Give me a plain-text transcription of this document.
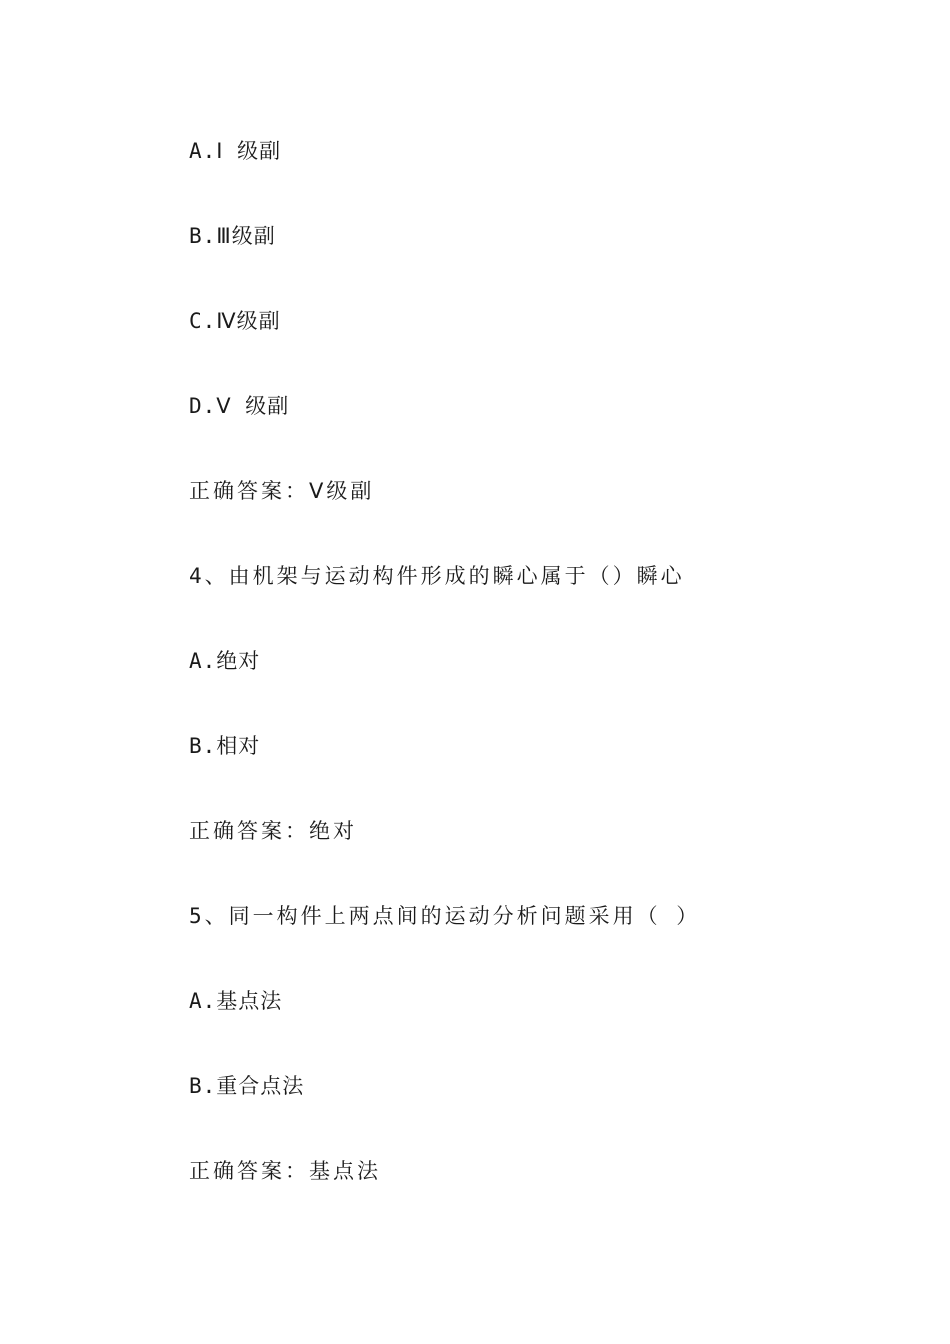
A.Ⅰ 级副
B.Ⅲ级副
C.Ⅳ级副
D.Ⅴ 级副
正确答案：Ⅴ级副
4、由机架与运动构件形成的瞬心属于（）瞬心
A.绝对
B.相对
正确答案：绝对
5、同一构件上两点间的运动分析问题采用（ ）
A.基点法
B.重合点法
正确答案：基点法
